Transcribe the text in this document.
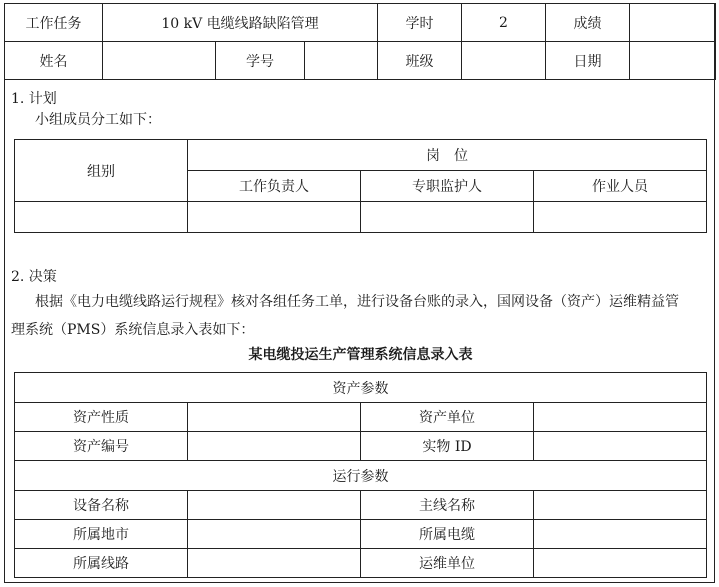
工作任务	10 kV 电缆线路缺陷管理			学时	2	成绩	
姓名		学号		班级		日期	
1. 计划
小组成员分工如下：
组别	岗　位		
	工作负责人	专职监护人	作业人员

2. 决策
根据《电力电缆线路运行规程》核对各组任务工单，进行设备台账的录入，国网设备（资产）运维精益管
理系统（PMS）系统信息录入表如下：
某电缆投运生产管理系统信息录入表
资产参数			
资产性质		资产单位	
资产编号		实物 ID	
运行参数			
设备名称		主线名称	
所属地市		所属电缆	
所属线路		运维单位	
